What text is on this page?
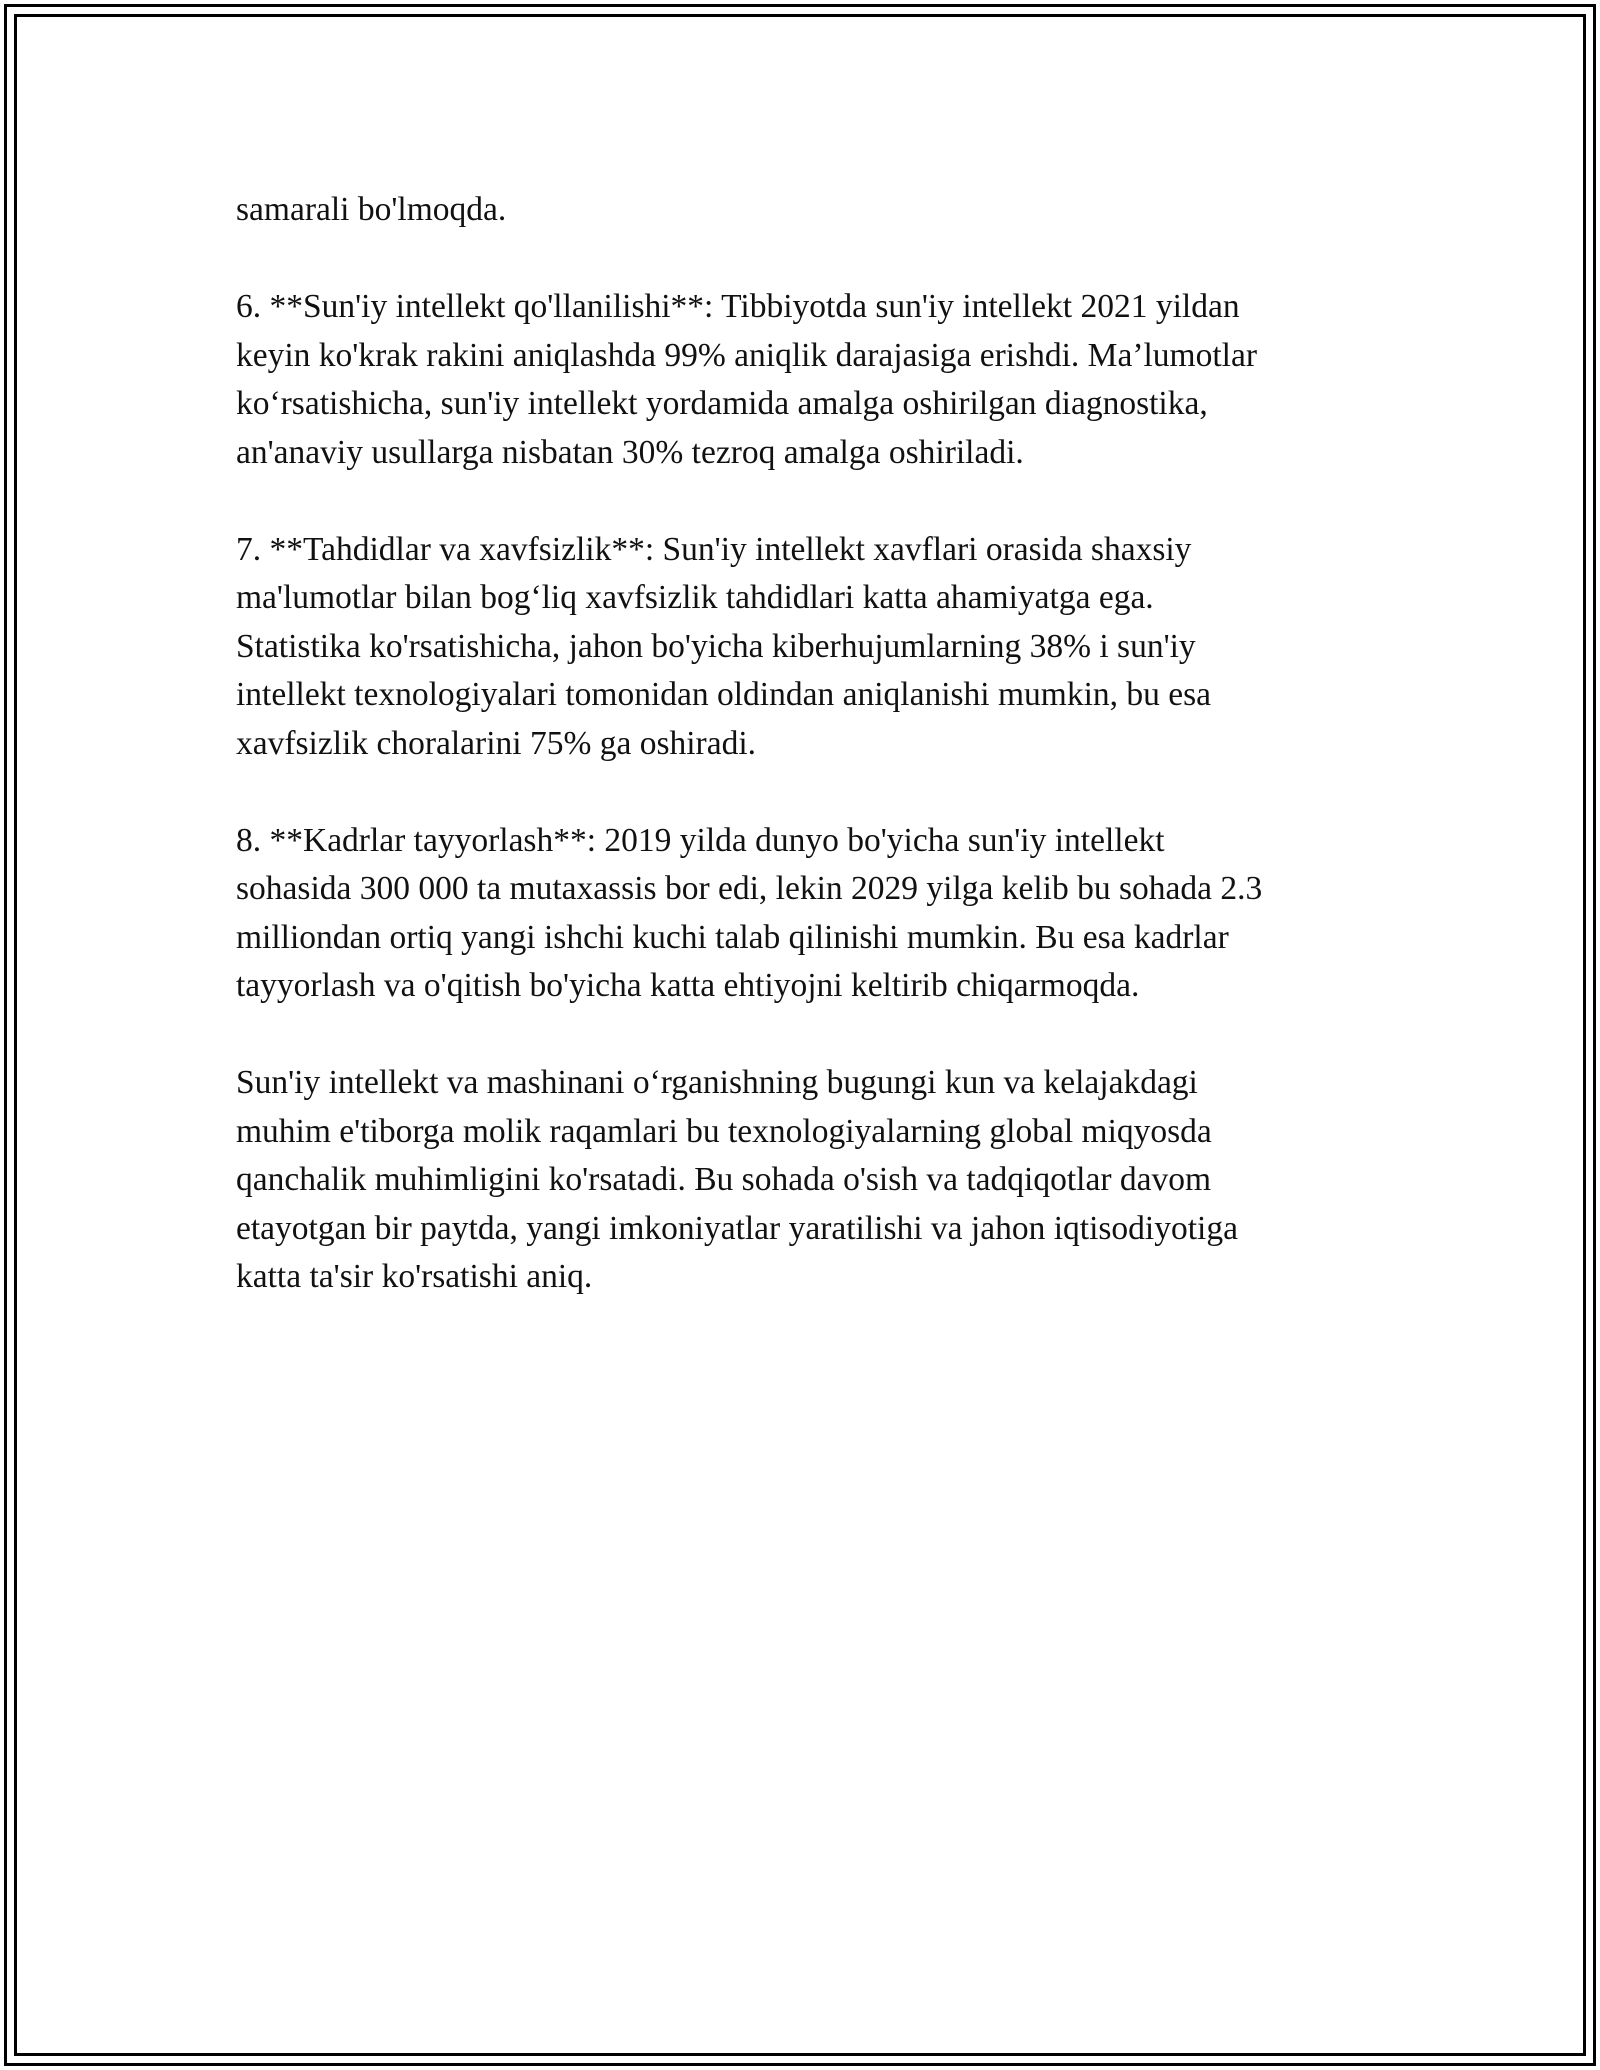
samarali bo'lmoqda.

6. **Sun'iy intellekt qo'llanilishi**: Tibbiyotda sun'iy intellekt 2021 yildan
keyin ko'krak rakini aniqlashda 99% aniqlik darajasiga erishdi. Ma’lumotlar
ko‘rsatishicha, sun'iy intellekt yordamida amalga oshirilgan diagnostika,
an'anaviy usullarga nisbatan 30% tezroq amalga oshiriladi.

7. **Tahdidlar va xavfsizlik**: Sun'iy intellekt xavflari orasida shaxsiy
ma'lumotlar bilan bog‘liq xavfsizlik tahdidlari katta ahamiyatga ega.
Statistika ko'rsatishicha, jahon bo'yicha kiberhujumlarning 38% i sun'iy
intellekt texnologiyalari tomonidan oldindan aniqlanishi mumkin, bu esa
xavfsizlik choralarini 75% ga oshiradi.

8. **Kadrlar tayyorlash**: 2019 yilda dunyo bo'yicha sun'iy intellekt
sohasida 300 000 ta mutaxassis bor edi, lekin 2029 yilga kelib bu sohada 2.3
milliondan ortiq yangi ishchi kuchi talab qilinishi mumkin. Bu esa kadrlar
tayyorlash va o'qitish bo'yicha katta ehtiyojni keltirib chiqarmoqda.

Sun'iy intellekt va mashinani o‘rganishning bugungi kun va kelajakdagi
muhim e'tiborga molik raqamlari bu texnologiyalarning global miqyosda
qanchalik muhimligini ko'rsatadi. Bu sohada o'sish va tadqiqotlar davom
etayotgan bir paytda, yangi imkoniyatlar yaratilishi va jahon iqtisodiyotiga
katta ta'sir ko'rsatishi aniq.
